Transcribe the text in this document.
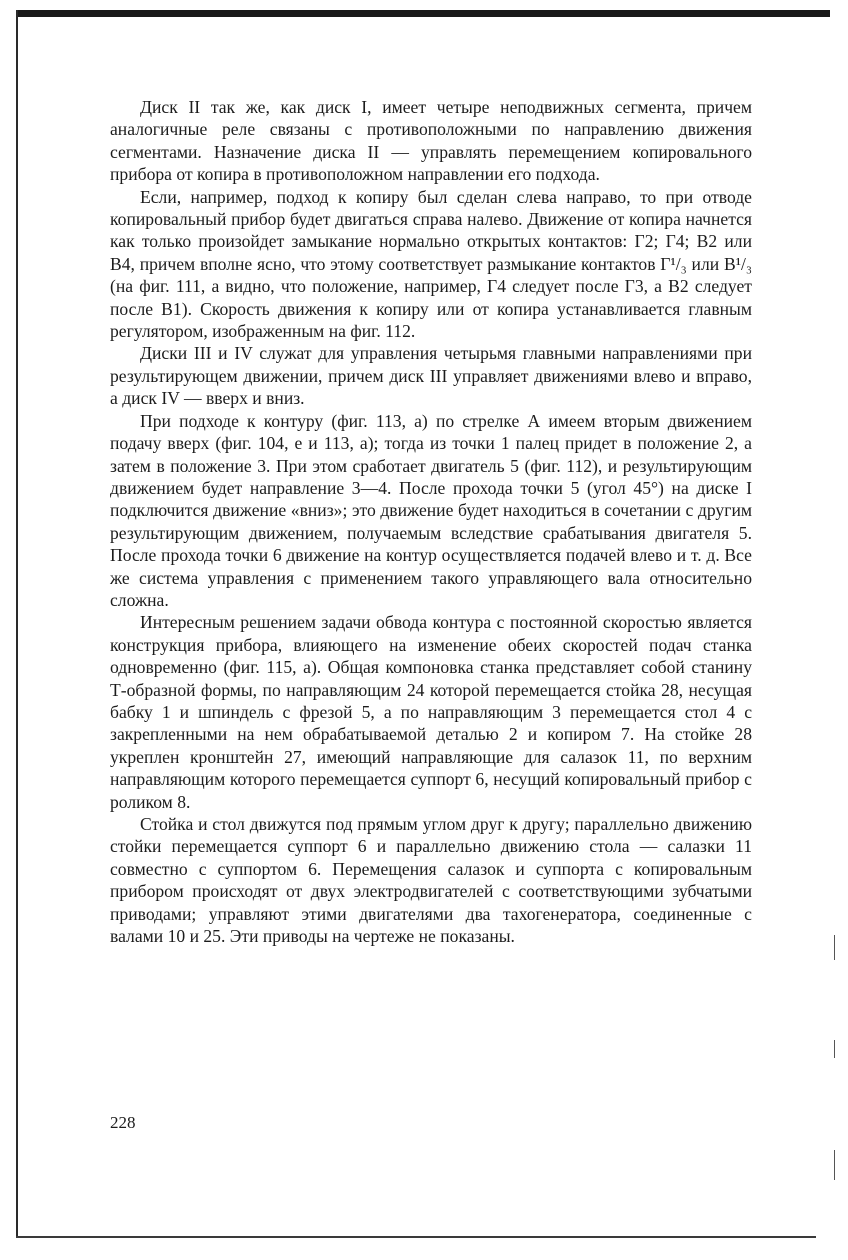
Диск II так же, как диск I, имеет четыре неподвижных сегмента, причем аналогичные реле связаны с противоположными по направлению движения сегментами. Назначение диска II — управлять перемещением копировального прибора от копира в противоположном направлении его подхода.

Если, например, подход к копиру был сделан слева направо, то при отводе копировальный прибор будет двигаться справа налево. Движение от копира начнется как только произойдет замыкание нормально открытых контактов: Г2; Г4; В2 или В4, причем вполне ясно, что этому соответствует размыкание контактов Г¹/₃ или В¹/₃ (на фиг. 111, а видно, что положение, например, Г4 следует после Г3, а В2 следует после В1). Скорость движения к копиру или от копира устанавливается главным регулятором, изображенным на фиг. 112.

Диски III и IV служат для управления четырьмя главными направлениями при результирующем движении, причем диск III управляет движениями влево и вправо, а диск IV — вверх и вниз.

При подходе к контуру (фиг. 113, а) по стрелке А имеем вторым движением подачу вверх (фиг. 104, е и 113, а); тогда из точки 1 палец придет в положение 2, а затем в положение 3. При этом сработает двигатель 5 (фиг. 112), и результирующим движением будет направление 3—4. После прохода точки 5 (угол 45°) на диске I подключится движение «вниз»; это движение будет находиться в сочетании с другим результирующим движением, получаемым вследствие срабатывания двигателя 5. После прохода точки 6 движение на контур осуществляется подачей влево и т. д. Все же система управления с применением такого управляющего вала относительно сложна.

Интересным решением задачи обвода контура с постоянной скоростью является конструкция прибора, влияющего на изменение обеих скоростей подач станка одновременно (фиг. 115, а). Общая компоновка станка представляет собой станину Т-образной формы, по направляющим 24 которой перемещается стойка 28, несущая бабку 1 и шпиндель с фрезой 5, а по направляющим 3 перемещается стол 4 с закрепленными на нем обрабатываемой деталью 2 и копиром 7. На стойке 28 укреплен кронштейн 27, имеющий направляющие для салазок 11, по верхним направляющим которого перемещается суппорт 6, несущий копировальный прибор с роликом 8.

Стойка и стол движутся под прямым углом друг к другу; параллельно движению стойки перемещается суппорт 6 и параллельно движению стола — салазки 11 совместно с суппортом 6. Перемещения салазок и суппорта с копировальным прибором происходят от двух электродвигателей с соответствующими зубчатыми приводами; управляют этими двигателями два тахогенератора, соединенные с валами 10 и 25. Эти приводы на чертеже не показаны.

228
